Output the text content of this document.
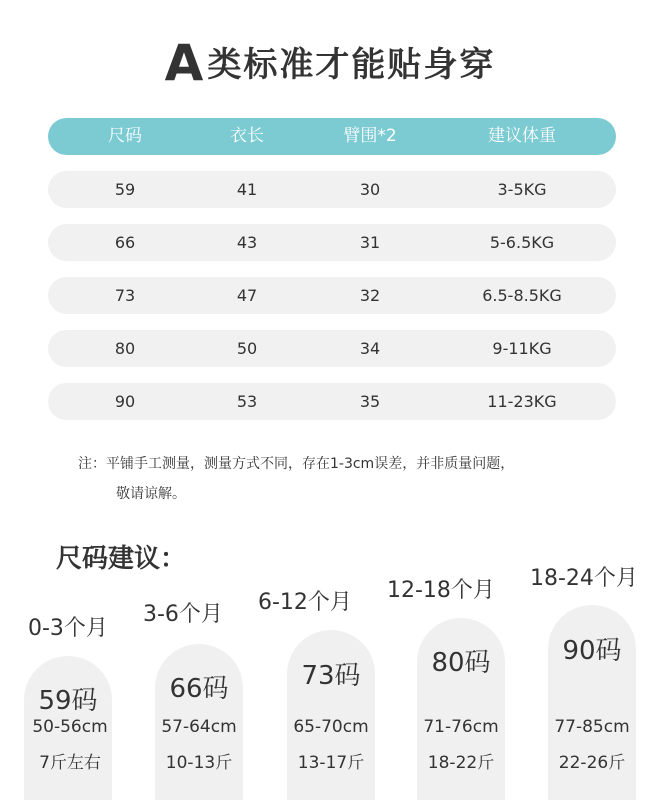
A类标准才能贴身穿
尺码	衣长	臂围*2	建议体重
59	41	30	3-5KG
66	43	31	5-6.5KG
73	47	32	6.5-8.5KG
80	50	34	9-11KG
90	53	35	11-23KG
注：平铺手工测量，测量方式不同，存在1-3cm误差，并非质量问题，
敬请谅解。
尺码建议：
0-3个月
59码
50-56cm
7斤左右
3-6个月
66码
57-64cm
10-13斤
6-12个月
73码
65-70cm
13-17斤
12-18个月
80码
71-76cm
18-22斤
18-24个月
90码
77-85cm
22-26斤
